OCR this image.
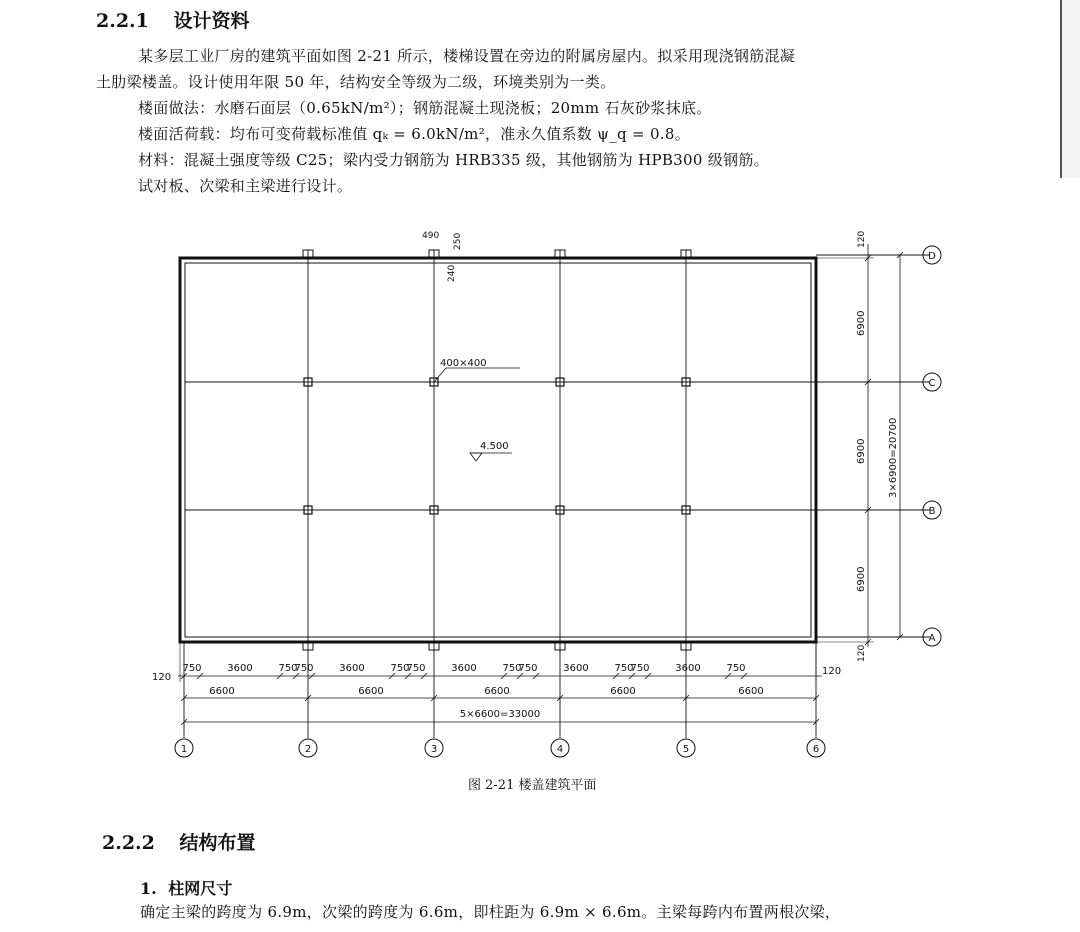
2.2.1 设计资料
某多层工业厂房的建筑平面如图 2-21 所示，楼梯设置在旁边的附属房屋内。拟采用现浇钢筋混凝
土肋梁楼盖。设计使用年限 50 年，结构安全等级为二级，环境类别为一类。
楼面做法：水磨石面层（0.65kN/m²）；钢筋混凝土现浇板；20mm 石灰砂浆抹底。
楼面活荷载：均布可变荷载标准值 qₖ = 6.0kN/m²，准永久值系数 ψ_q = 0.8。
材料：混凝土强度等级 C25；梁内受力钢筋为 HRB335 级，其他钢筋为 HPB300 级钢筋。
试对板、次梁和主梁进行设计。
400×400
4.500
490 250
240
120
120
6900
6900
6900
3×6900=20700
120
120
750	3600	750
750	3600	750
750	3600	750
750	3600	750
750	3600	750
6600	6600	6600	6600	6600
5×6600=33000
D
C
B
A
1	2	3	4	5	6
图 2-21 楼盖建筑平面
2.2.2 结构布置
1. 柱网尺寸
确定主梁的跨度为 6.9m，次梁的跨度为 6.6m，即柱距为 6.9m × 6.6m。主梁每跨内布置两根次梁，
